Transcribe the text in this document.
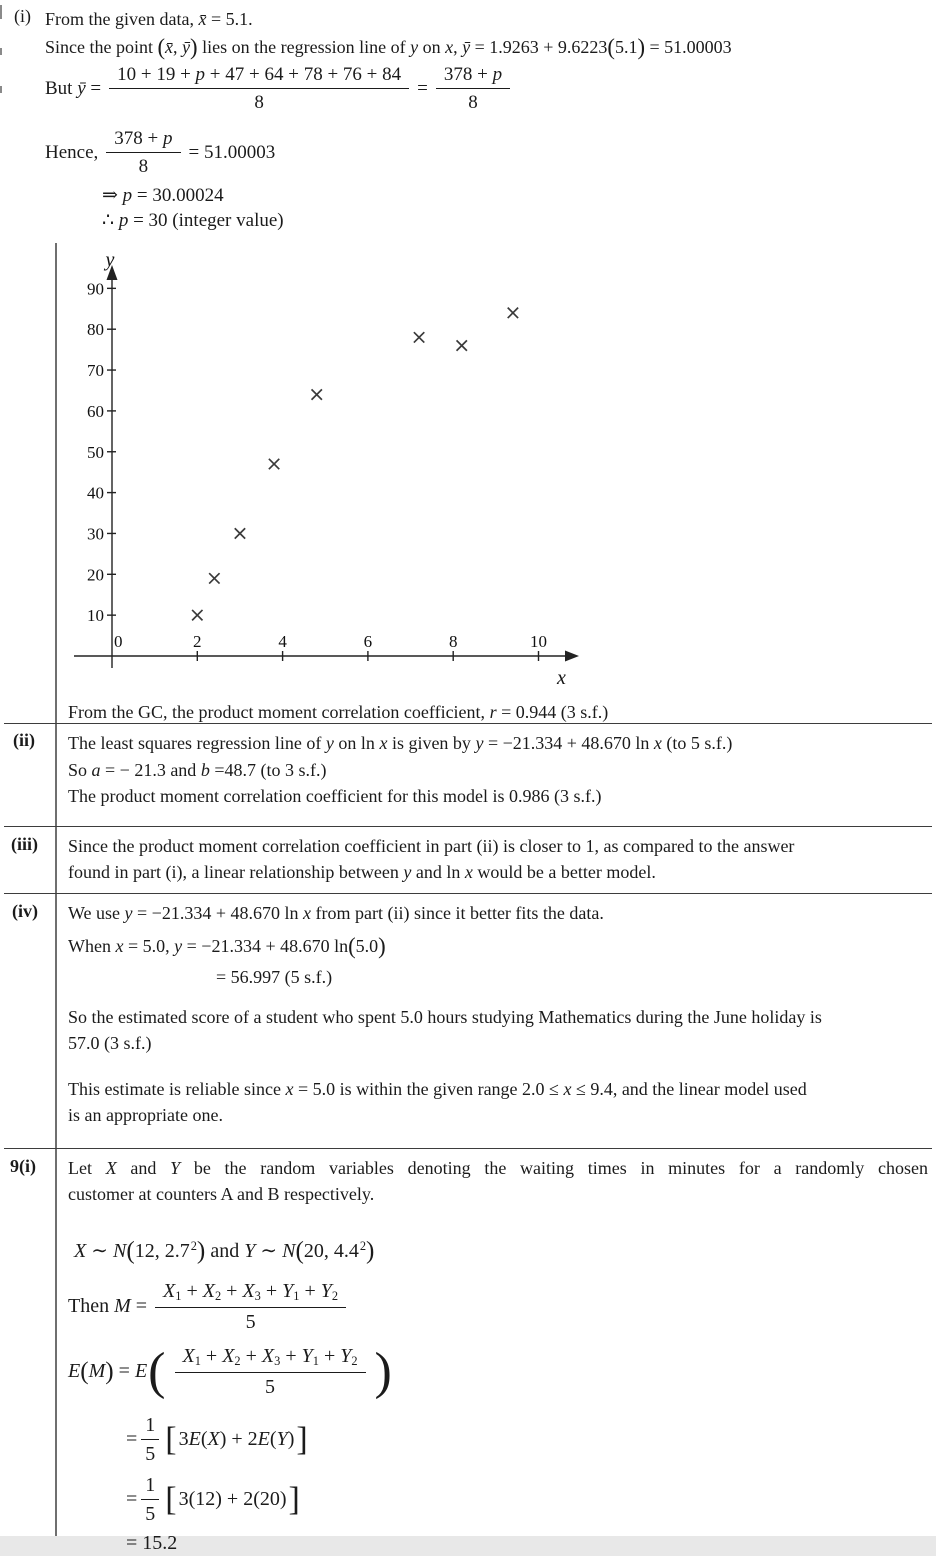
(i) From the given data, x̄ = 5.1.
Since the point (x̄, ȳ) lies on the regression line of y on x, ȳ = 1.9263 + 9.6223(5.1) = 51.00003
But ȳ = $\frac{10 + 19 + p + 47 + 64 + 78 + 76 + 84}{8} = \frac{378 + p}{8}$
Hence, $\frac{378 + p}{8} = 51.00003$
⇒ p = 30.00024
∴ p = 30 (integer value)
0	2	4	6	8	10
10
20
30
40
50
60
70
80
90
x
y
From the GC, the product moment correlation coefficient, r = 0.944 (3 s.f.)
(ii) The least squares regression line of y on ln x is given by y = −21.334 + 48.670 ln x (to 5 s.f.)
So a = − 21.3 and b =48.7 (to 3 s.f.)
The product moment correlation coefficient for this model is 0.986 (3 s.f.)
(iii) Since the product moment correlation coefficient in part (ii) is closer to 1, as compared to the answer
found in part (i), a linear relationship between y and ln x would be a better model.
(iv) We use y = −21.334 + 48.670 ln x from part (ii) since it better fits the data.
When x = 5.0, y = −21.334 + 48.670 ln(5.0)
= 56.997 (5 s.f.)
So the estimated score of a student who spent 5.0 hours studying Mathematics during the June holiday is
57.0 (3 s.f.)
This estimate is reliable since x = 5.0 is within the given range 2.0 ≤ x ≤ 9.4, and the linear model used
is an appropriate one.
9(i) Let X and Y be the random variables denoting the waiting times in minutes for a randomly chosen
customer at counters A and B respectively.
X ∼ N(12, $2.7^2$) and Y ∼ N(20, $4.4^2$)
Then $M = \frac{X1 + X2 + X3 + Y1 + Y2}{5}$
E(M) = E ( $\frac{X1 + X2 + X3 + Y1 + Y2}{5}$ )
= $\frac{1}{5}$ [ 3E(X) + 2E(Y) ]
= $\frac{1}{5}$ [ 3(12) + 2(20) ]
= 15.2
